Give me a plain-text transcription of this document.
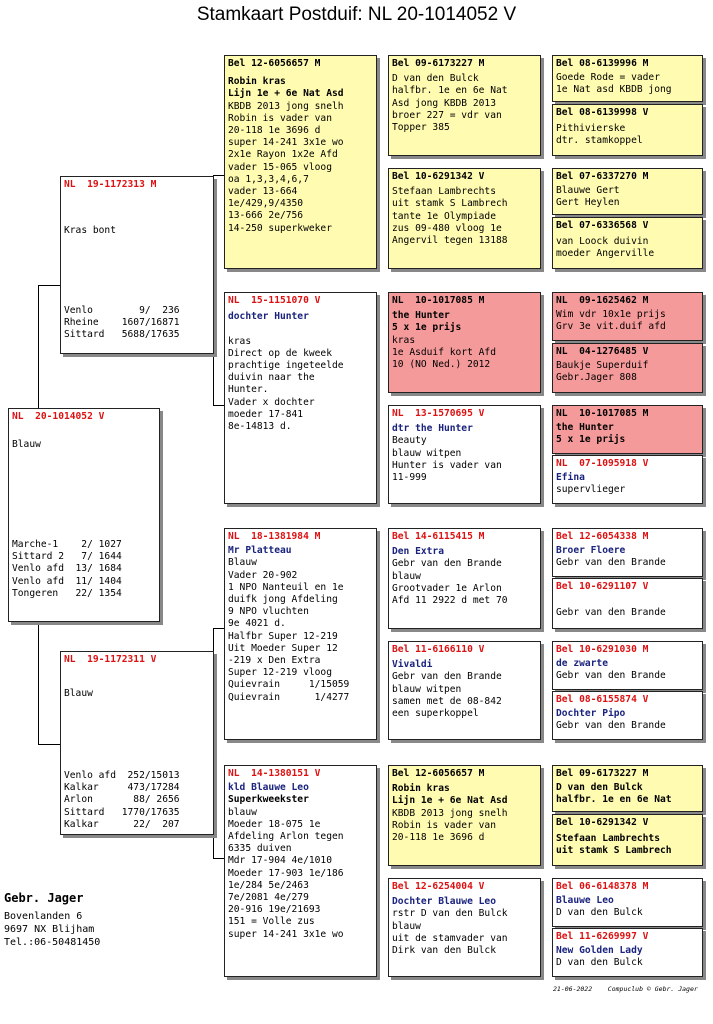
Stamkaart Postduif: NL 20-1014052 V
NL  20-1014052 V
Blauw
Marche-1    2/ 1027
Sittard 2   7/ 1644
Venlo afd  13/ 1684
Venlo afd  11/ 1404
Tongeren   22/ 1354
NL  19-1172313 M
Kras bont
Venlo        9/  236
Rheine    1607/16871
Sittard   5688/17635
NL  19-1172311 V
Blauw
Venlo afd  252/15013
Kalkar     473/17284
Arlon       88/ 2656
Sittard   1770/17635
Kalkar      22/  207
Bel 12-6056657 M
Robin kras
Lijn 1e + 6e Nat Asd
KBDB 2013 jong snelh
Robin is vader van
20-118 1e 3696 d
super 14-241 3x1e wo
2x1e Rayon 1x2e Afd
vader 15-065 vloog
oa 1,3,3,4,6,7
vader 13-664
1e/429,9/4350
13-666 2e/756
14-250 superkweker
NL  15-1151070 V
dochter Hunter
kras
Direct op de kweek
prachtige ingeteelde
duivin naar the
Hunter.
Vader x dochter
moeder 17-841
8e-14813 d.
NL  18-1381984 M
Mr Platteau
Blauw
Vader 20-902
1 NPO Nanteuil en 1e
duifk jong Afdeling
9 NPO vluchten
9e 4021 d.
Halfbr Super 12-219
Uit Moeder Super 12
-219 x Den Extra
Super 12-219 vloog
Quievrain     1/15059
Quievrain      1/4277
NL  14-1380151 V
kld Blauwe Leo
Superkweekster
blauw
Moeder 18-075 1e
Afdeling Arlon tegen
6335 duiven
Mdr 17-904 4e/1010
Moeder 17-903 1e/186
1e/284 5e/2463
7e/2081 4e/279
20-916 19e/21693
151 = Volle zus
super 14-241 3x1e wo
Bel 09-6173227 M
D van den Bulck
halfbr. 1e en 6e Nat
Asd jong KBDB 2013
broer 227 = vdr van
Topper 385
Bel 10-6291342 V
Stefaan Lambrechts
uit stamk S Lambrech
tante 1e Olympiade
zus 09-480 vloog 1e
Angervil tegen 13188
NL  10-1017085 M
the Hunter
5 x 1e prijs
kras
1e Asduif kort Afd
10 (NO Ned.) 2012
NL  13-1570695 V
dtr the Hunter
Beauty
blauw witpen
Hunter is vader van
11-999
Bel 14-6115415 M
Den Extra
Gebr van den Brande
blauw
Grootvader 1e Arlon
Afd 11 2922 d met 70
Bel 11-6166110 V
Vivaldi
Gebr van den Brande
blauw witpen
samen met de 08-842
een superkoppel
Bel 12-6056657 M
Robin kras
Lijn 1e + 6e Nat Asd
KBDB 2013 jong snelh
Robin is vader van
20-118 1e 3696 d
Bel 12-6254004 V
Dochter Blauwe Leo
rstr D van den Bulck
blauw
uit de stamvader van
Dirk van den Bulck
Bel 08-6139996 M
Goede Rode = vader
1e Nat asd KBDB jong
Bel 08-6139998 V
Pithivierske
dtr. stamkoppel
Bel 07-6337270 M
Blauwe Gert
Gert Heylen
Bel 07-6336568 V
van Loock duivin
moeder Angerville
NL  09-1625462 M
Wim vdr 10x1e prijs
Grv 3e vit.duif afd
NL  04-1276485 V
Baukje Superduif
Gebr.Jager 808
NL  10-1017085 M
the Hunter
5 x 1e prijs
NL  07-1095918 V
Efina
supervlieger
Bel 12-6054338 M
Broer Floere
Gebr van den Brande
Bel 10-6291107 V
Gebr van den Brande
Bel 10-6291030 M
de zwarte
Gebr van den Brande
Bel 08-6155874 V
Dochter Pipo
Gebr van den Brande
Bel 09-6173227 M
D van den Bulck
halfbr. 1e en 6e Nat
Bel 10-6291342 V
Stefaan Lambrechts
uit stamk S Lambrech
Bel 06-6148378 M
Blauwe Leo
D van den Bulck
Bel 11-6269997 V
New Golden Lady
D van den Bulck
Gebr. Jager
Bovenlanden 6
9697 NX Blijham
Tel.:06-50481450
21-06-2022    Compuclub © Gebr. Jager
